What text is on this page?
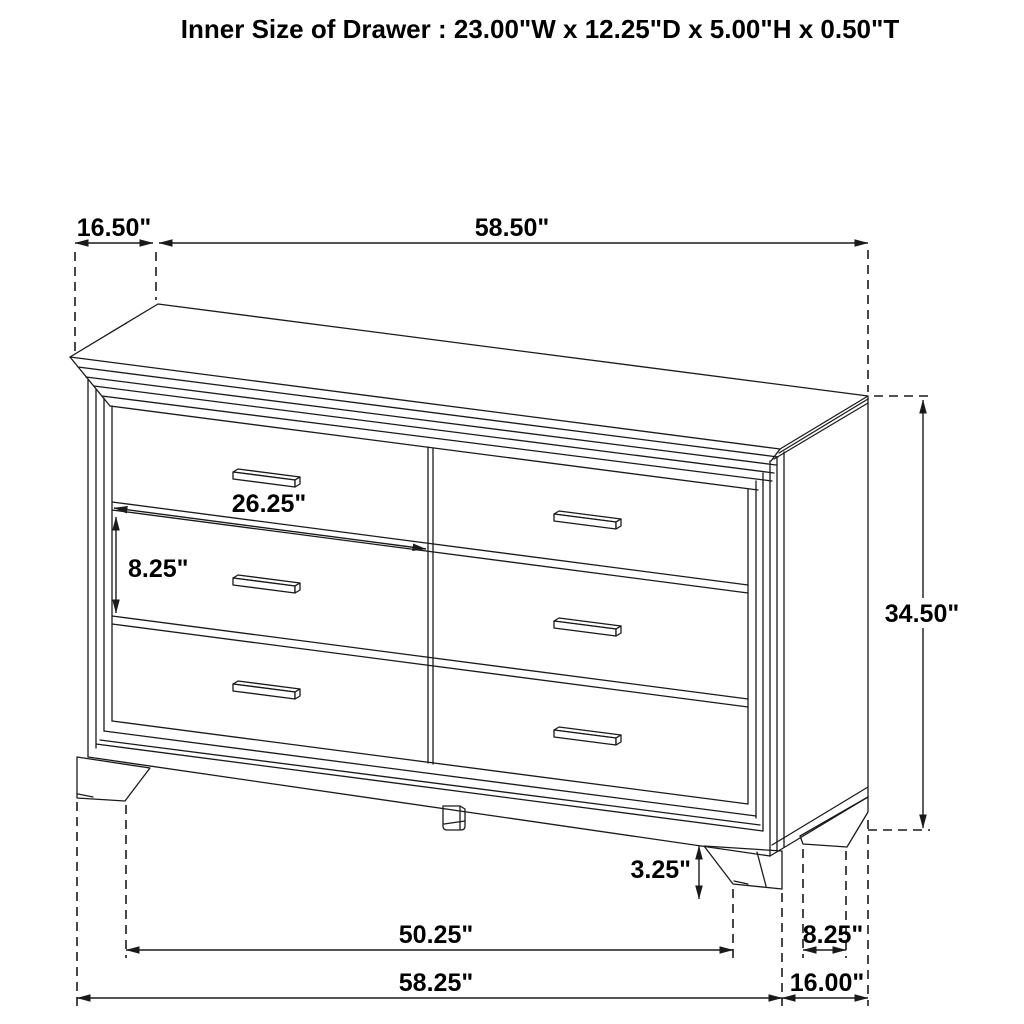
Inner Size of Drawer : 23.00"W x 12.25"D x 5.00"H x 0.50"T
16.50"	58.50"
34.50"
26.25"
8.25"
3.25"
50.25"	8.25"
58.25"	16.00"
